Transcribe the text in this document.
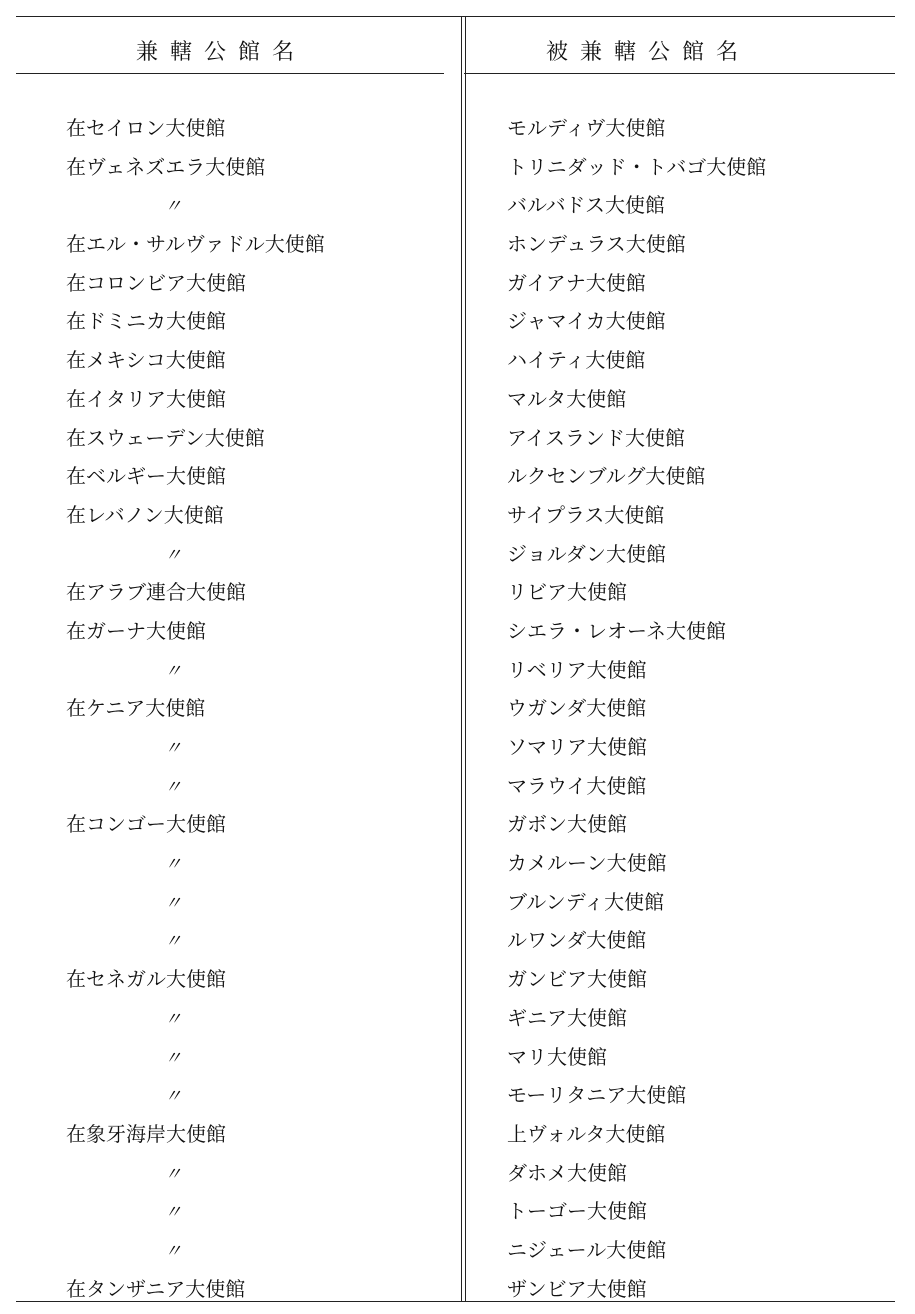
兼轄公館名	被兼轄公館名
在セイロン大使館
在ヴェネズエラ大使館
〃
在エル・サルヴァドル大使館
在コロンビア大使館
在ドミニカ大使館
在メキシコ大使館
在イタリア大使館
在スウェーデン大使館
在ベルギー大使館
在レバノン大使館
〃
在アラブ連合大使館
在ガーナ大使館
〃
在ケニア大使館
〃
〃
在コンゴー大使館
〃
〃
〃
在セネガル大使館
〃
〃
〃
在象牙海岸大使館
〃
〃
〃
在タンザニア大使館
モルディヴ大使館
トリニダッド・トバゴ大使館
バルバドス大使館
ホンデュラス大使館
ガイアナ大使館
ジャマイカ大使館
ハイティ大使館
マルタ大使館
アイスランド大使館
ルクセンブルグ大使館
サイプラス大使館
ジョルダン大使館
リビア大使館
シエラ・レオーネ大使館
リベリア大使館
ウガンダ大使館
ソマリア大使館
マラウイ大使館
ガボン大使館
カメルーン大使館
ブルンディ大使館
ルワンダ大使館
ガンビア大使館
ギニア大使館
マリ大使館
モーリタニア大使館
上ヴォルタ大使館
ダホメ大使館
トーゴー大使館
ニジェール大使館
ザンビア大使館
